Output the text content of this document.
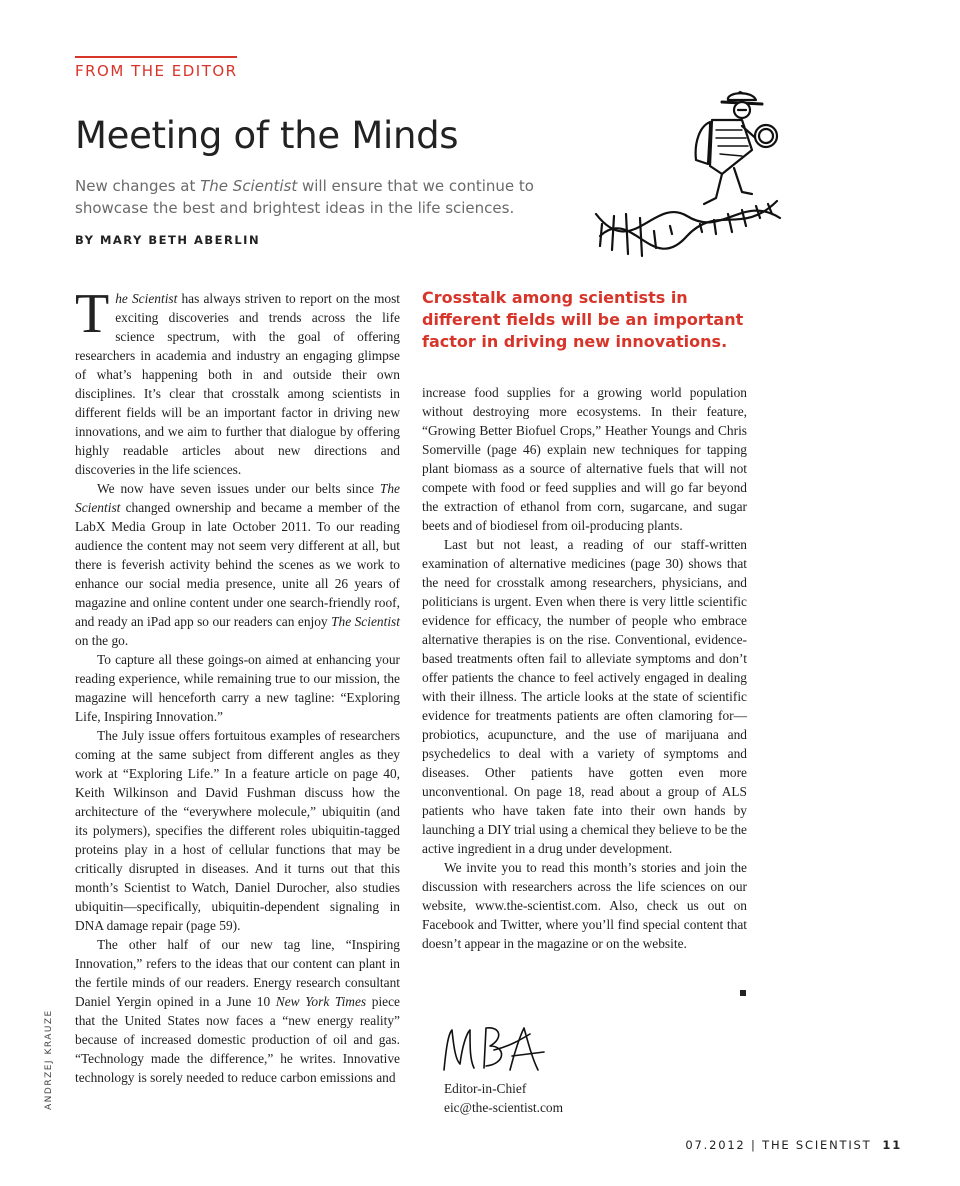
FROM THE EDITOR
Meeting of the Minds
New changes at The Scientist will ensure that we continue to showcase the best and brightest ideas in the life sciences.
BY MARY BETH ABERLIN

The Scientist has always striven to report on the most exciting discoveries and trends across the life science spectrum, with the goal of offering researchers in academia and industry an engaging glimpse of what’s happening both in and outside their own disciplines. It’s clear that crosstalk among scientists in different fields will be an important factor in driving new innovations, and we aim to further that dialogue by offering highly readable articles about new directions and discoveries in the life sciences.

We now have seven issues under our belts since The Scientist changed ownership and became a member of the LabX Media Group in late October 2011. To our reading audience the content may not seem very different at all, but there is feverish activity behind the scenes as we work to enhance our social media presence, unite all 26 years of magazine and online content under one search-friendly roof, and ready an iPad app so our readers can enjoy The Scientist on the go.

To capture all these goings-on aimed at enhancing your reading experience, while remaining true to our mission, the magazine will henceforth carry a new tagline: “Exploring Life, Inspiring Innovation.”

The July issue offers fortuitous examples of researchers coming at the same subject from different angles as they work at “Exploring Life.” In a feature article on page 40, Keith Wilkinson and David Fushman discuss how the architecture of the “everywhere molecule,” ubiquitin (and its polymers), specifies the different roles ubiquitin-tagged proteins play in a host of cellular functions that may be critically disrupted in diseases. And it turns out that this month’s Scientist to Watch, Daniel Durocher, also studies ubiquitin—specifically, ubiquitin-dependent signaling in DNA damage repair (page 59).

The other half of our new tag line, “Inspiring Innovation,” refers to the ideas that our content can plant in the fertile minds of our readers. Energy research consultant Daniel Yergin opined in a June 10 New York Times piece that the United States now faces a “new energy reality” because of increased domestic production of oil and gas. “Technology made the difference,” he writes. Innovative technology is sorely needed to reduce carbon emissions and

Crosstalk among scientists in different fields will be an important factor in driving new innovations.

increase food supplies for a growing world population without destroying more ecosystems. In their feature, “Growing Better Biofuel Crops,” Heather Youngs and Chris Somerville (page 46) explain new techniques for tapping plant biomass as a source of alternative fuels that will not compete with food or feed supplies and will go far beyond the extraction of ethanol from corn, sugarcane, and sugar beets and of biodiesel from oil-producing plants.

Last but not least, a reading of our staff-written examination of alternative medicines (page 30) shows that the need for crosstalk among researchers, physicians, and politicians is urgent. Even when there is very little scientific evidence for efficacy, the number of people who embrace alternative therapies is on the rise. Conventional, evidence-based treatments often fail to alleviate symptoms and don’t offer patients the chance to feel actively engaged in dealing with their illness. The article looks at the state of scientific evidence for treatments patients are often clamoring for—probiotics, acupuncture, and the use of marijuana and psychedelics to deal with a variety of symptoms and diseases. Other patients have gotten even more unconventional. On page 18, read about a group of ALS patients who have taken fate into their own hands by launching a DIY trial using a chemical they believe to be the active ingredient in a drug under development.

We invite you to read this month’s stories and join the discussion with researchers across the life sciences on our website, www.the-scientist.com. Also, check us out on Facebook and Twitter, where you’ll find special content that doesn’t appear in the magazine or on the website.

Editor-in-Chief
eic@the-scientist.com
ANDRZEJ KRAUZE
07.2012 | THE SCIENTIST 11
